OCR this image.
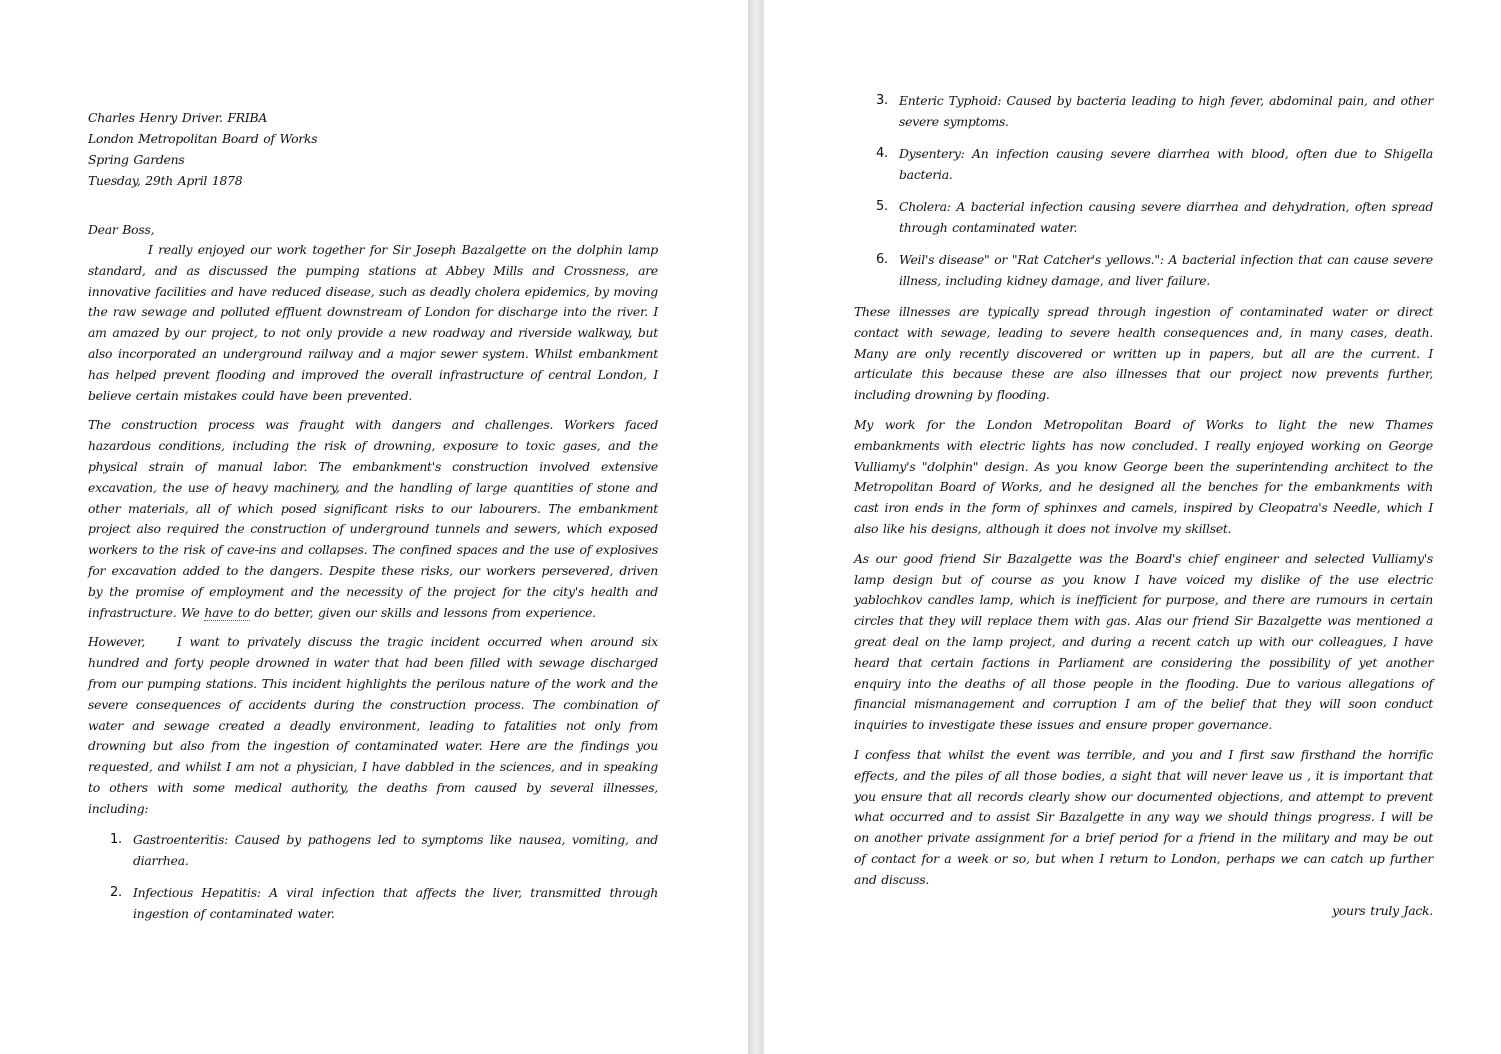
Charles Henry Driver. FRIBA
London Metropolitan Board of Works
Spring Gardens
Tuesday, 29th April 1878
Dear Boss,

I really enjoyed our work together for Sir Joseph Bazalgette on the dolphin lamp standard, and as discussed the pumping stations at Abbey Mills and Crossness, are innovative facilities and have reduced disease, such as deadly cholera epidemics, by moving the raw sewage and polluted effluent downstream of London for discharge into the river. I am amazed by our project, to not only provide a new roadway and riverside walkway, but also incorporated an underground railway and a major sewer system. Whilst embankment has helped prevent flooding and improved the overall infrastructure of central London, I believe certain mistakes could have been prevented.

The construction process was fraught with dangers and challenges. Workers faced hazardous conditions, including the risk of drowning, exposure to toxic gases, and the physical strain of manual labor. The embankment's construction involved extensive excavation, the use of heavy machinery, and the handling of large quantities of stone and other materials, all of which posed significant risks to our labourers. The embankment project also required the construction of underground tunnels and sewers, which exposed workers to the risk of cave-ins and collapses. The confined spaces and the use of explosives for excavation added to the dangers. Despite these risks, our workers persevered, driven by the promise of employment and the necessity of the project for the city's health and infrastructure. We have to do better, given our skills and lessons from experience.

However,	I want to privately discuss the tragic incident occurred when around six hundred and forty people drowned in water that had been filled with sewage discharged from our pumping stations. This incident highlights the perilous nature of the work and the severe consequences of accidents during the construction process. The combination of water and sewage created a deadly environment, leading to fatalities not only from drowning but also from the ingestion of contaminated water. Here are the findings you requested, and whilst I am not a physician, I have dabbled in the sciences, and in speaking to others with some medical authority, the deaths from caused by several illnesses, including:

1. Gastroenteritis: Caused by pathogens led to symptoms like nausea, vomiting, and diarrhea.
2. Infectious Hepatitis: A viral infection that affects the liver, transmitted through ingestion of contaminated water.
3. Enteric Typhoid: Caused by bacteria leading to high fever, abdominal pain, and other severe symptoms.
4. Dysentery: An infection causing severe diarrhea with blood, often due to Shigella bacteria.
5. Cholera: A bacterial infection causing severe diarrhea and dehydration, often spread through contaminated water.
6. Weil's disease" or "Rat Catcher's yellows.": A bacterial infection that can cause severe illness, including kidney damage, and liver failure.

These illnesses are typically spread through ingestion of contaminated water or direct contact with sewage, leading to severe health consequences and, in many cases, death. Many are only recently discovered or written up in papers, but all are the current. I articulate this because these are also illnesses that our project now prevents further, including drowning by flooding.

My work for the London Metropolitan Board of Works to light the new Thames embankments with electric lights has now concluded. I really enjoyed working on George Vulliamy's "dolphin" design. As you know George been the superintending architect to the Metropolitan Board of Works, and he designed all the benches for the embankments with cast iron ends in the form of sphinxes and camels, inspired by Cleopatra's Needle, which I also like his designs, although it does not involve my skillset.

As our good friend Sir Bazalgette was the Board's chief engineer and selected Vulliamy's lamp design but of course as you know I have voiced my dislike of the use electric yablochkov candles lamp, which is inefficient for purpose, and there are rumours in certain circles that they will replace them with gas. Alas our friend Sir Bazalgette was mentioned a great deal on the lamp project, and during a recent catch up with our colleagues, I have heard that certain factions in Parliament are considering the possibility of yet another enquiry into the deaths of all those people in the flooding. Due to various allegations of financial mismanagement and corruption I am of the belief that they will soon conduct inquiries to investigate these issues and ensure proper governance.

I confess that whilst the event was terrible, and you and I first saw firsthand the horrific effects, and the piles of all those bodies, a sight that will never leave us , it is important that you ensure that all records clearly show our documented objections, and attempt to prevent what occurred and to assist Sir Bazalgette in any way we should things progress. I will be on another private assignment for a brief period for a friend in the military and may be out of contact for a week or so, but when I return to London, perhaps we can catch up further and discuss.

yours truly Jack.
